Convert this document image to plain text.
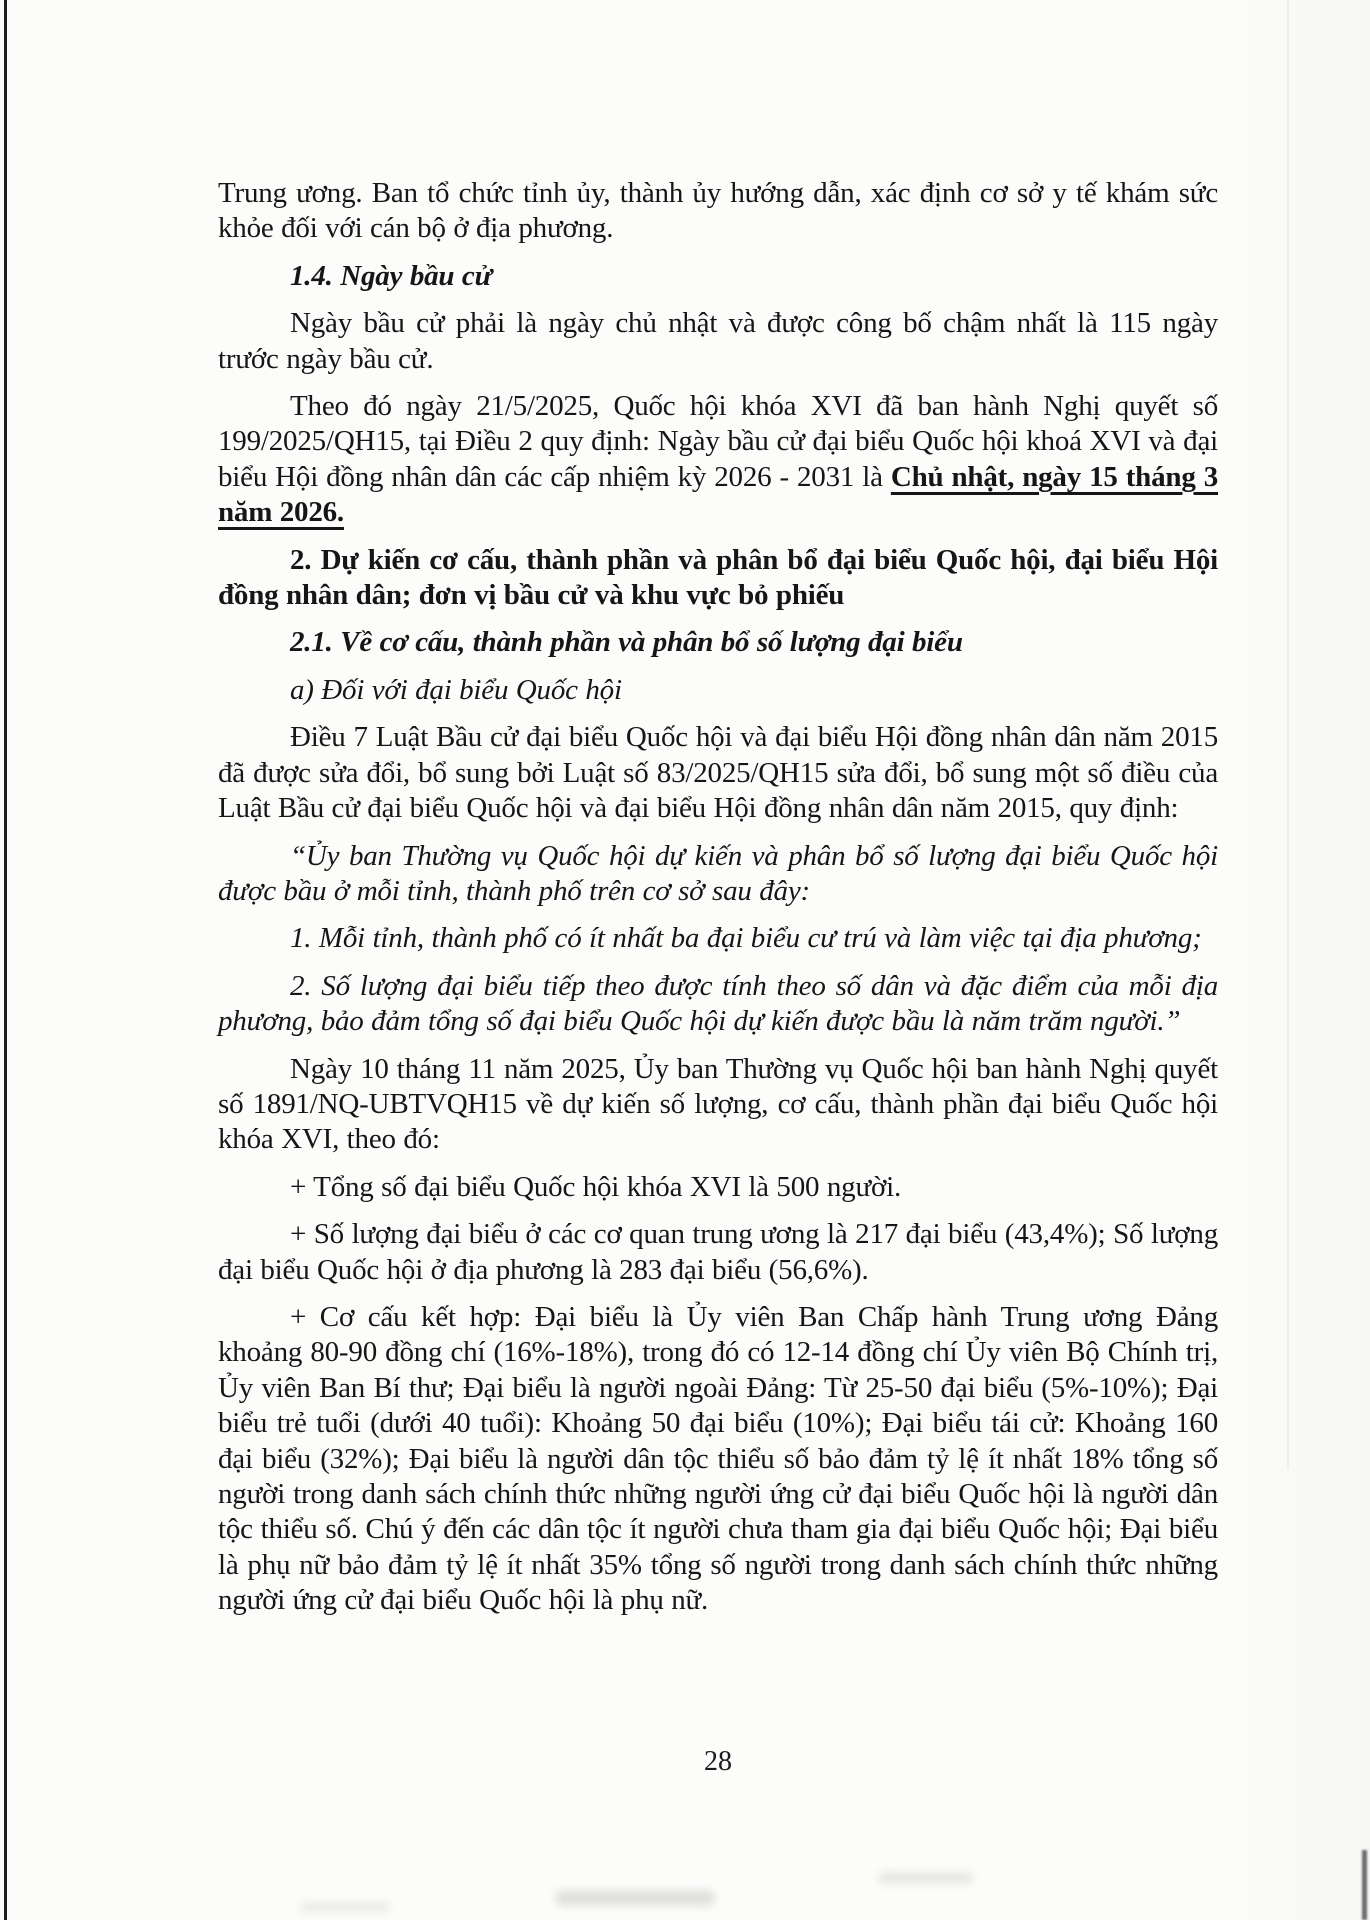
Trung ương. Ban tổ chức tỉnh ủy, thành ủy hướng dẫn, xác định cơ sở y tế khám sức khỏe đối với cán bộ ở địa phương.

1.4. Ngày bầu cử

Ngày bầu cử phải là ngày chủ nhật và được công bố chậm nhất là 115 ngày trước ngày bầu cử.

Theo đó ngày 21/5/2025, Quốc hội khóa XVI đã ban hành Nghị quyết số 199/2025/QH15, tại Điều 2 quy định: Ngày bầu cử đại biểu Quốc hội khoá XVI và đại biểu Hội đồng nhân dân các cấp nhiệm kỳ 2026 - 2031 là Chủ nhật, ngày 15 tháng 3 năm 2026.

2. Dự kiến cơ cấu, thành phần và phân bổ đại biểu Quốc hội, đại biểu Hội đồng nhân dân; đơn vị bầu cử và khu vực bỏ phiếu

2.1. Về cơ cấu, thành phần và phân bổ số lượng đại biểu

a) Đối với đại biểu Quốc hội

Điều 7 Luật Bầu cử đại biểu Quốc hội và đại biểu Hội đồng nhân dân năm 2015 đã được sửa đổi, bổ sung bởi Luật số 83/2025/QH15 sửa đổi, bổ sung một số điều của Luật Bầu cử đại biểu Quốc hội và đại biểu Hội đồng nhân dân năm 2015, quy định:

“Ủy ban Thường vụ Quốc hội dự kiến và phân bổ số lượng đại biểu Quốc hội được bầu ở mỗi tỉnh, thành phố trên cơ sở sau đây:

1. Mỗi tỉnh, thành phố có ít nhất ba đại biểu cư trú và làm việc tại địa phương;

2. Số lượng đại biểu tiếp theo được tính theo số dân và đặc điểm của mỗi địa phương, bảo đảm tổng số đại biểu Quốc hội dự kiến được bầu là năm trăm người.”

Ngày 10 tháng 11 năm 2025, Ủy ban Thường vụ Quốc hội ban hành Nghị quyết số 1891/NQ-UBTVQH15 về dự kiến số lượng, cơ cấu, thành phần đại biểu Quốc hội khóa XVI, theo đó:

+ Tổng số đại biểu Quốc hội khóa XVI là 500 người.

+ Số lượng đại biểu ở các cơ quan trung ương là 217 đại biểu (43,4%); Số lượng đại biểu Quốc hội ở địa phương là 283 đại biểu (56,6%).

+ Cơ cấu kết hợp: Đại biểu là Ủy viên Ban Chấp hành Trung ương Đảng khoảng 80-90 đồng chí (16%-18%), trong đó có 12-14 đồng chí Ủy viên Bộ Chính trị, Ủy viên Ban Bí thư; Đại biểu là người ngoài Đảng: Từ 25-50 đại biểu (5%-10%); Đại biểu trẻ tuổi (dưới 40 tuổi): Khoảng 50 đại biểu (10%); Đại biểu tái cử: Khoảng 160 đại biểu (32%); Đại biểu là người dân tộc thiểu số bảo đảm tỷ lệ ít nhất 18% tổng số người trong danh sách chính thức những người ứng cử đại biểu Quốc hội là người dân tộc thiểu số. Chú ý đến các dân tộc ít người chưa tham gia đại biểu Quốc hội; Đại biểu là phụ nữ bảo đảm tỷ lệ ít nhất 35% tổng số người trong danh sách chính thức những người ứng cử đại biểu Quốc hội là phụ nữ.

28
